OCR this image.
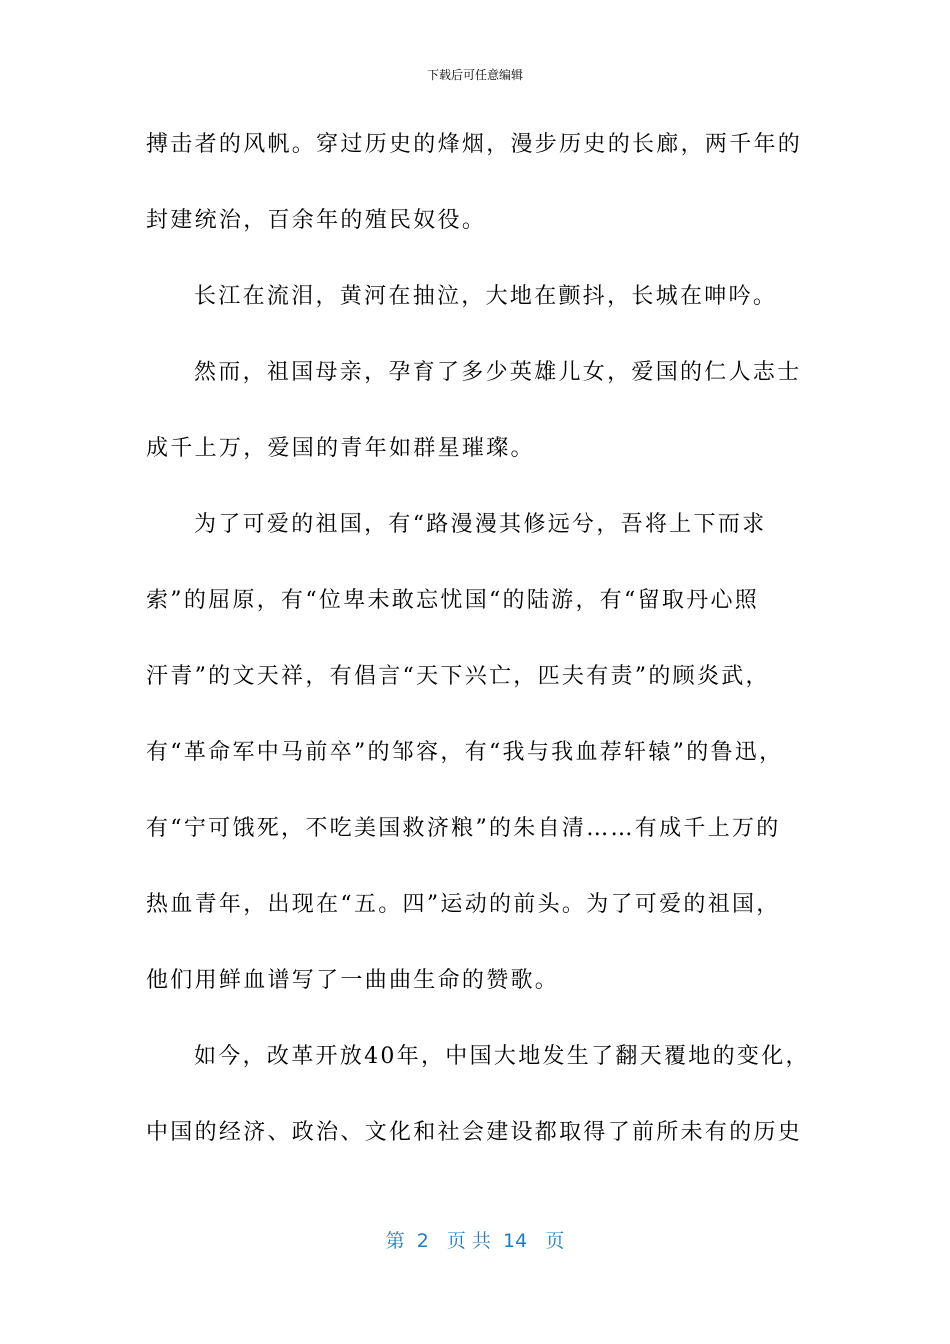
下载后可任意编辑
搏击者的风帆。穿过历史的烽烟，漫步历史的长廊，两千年的
封建统治，百余年的殖民奴役。
长江在流泪，黄河在抽泣，大地在颤抖，长城在呻吟。
然而，祖国母亲，孕育了多少英雄儿女，爱国的仁人志士
成千上万，爱国的青年如群星璀璨。
为了可爱的祖国，有“路漫漫其修远兮，吾将上下而求
索”的屈原，有“位卑未敢忘忧国“的陆游，有“留取丹心照
汗青”的文天祥，有倡言“天下兴亡，匹夫有责”的顾炎武，
有“革命军中马前卒”的邹容，有“我与我血荐轩辕”的鲁迅，
有“宁可饿死，不吃美国救济粮”的朱自清……有成千上万的
热血青年，出现在“五。四”运动的前头。为了可爱的祖国，
他们用鲜血谱写了一曲曲生命的赞歌。
如今，改革开放40年，中国大地发生了翻天覆地的变化，
中国的经济、政治、文化和社会建设都取得了前所未有的历史
第  2   页 共  14   页
